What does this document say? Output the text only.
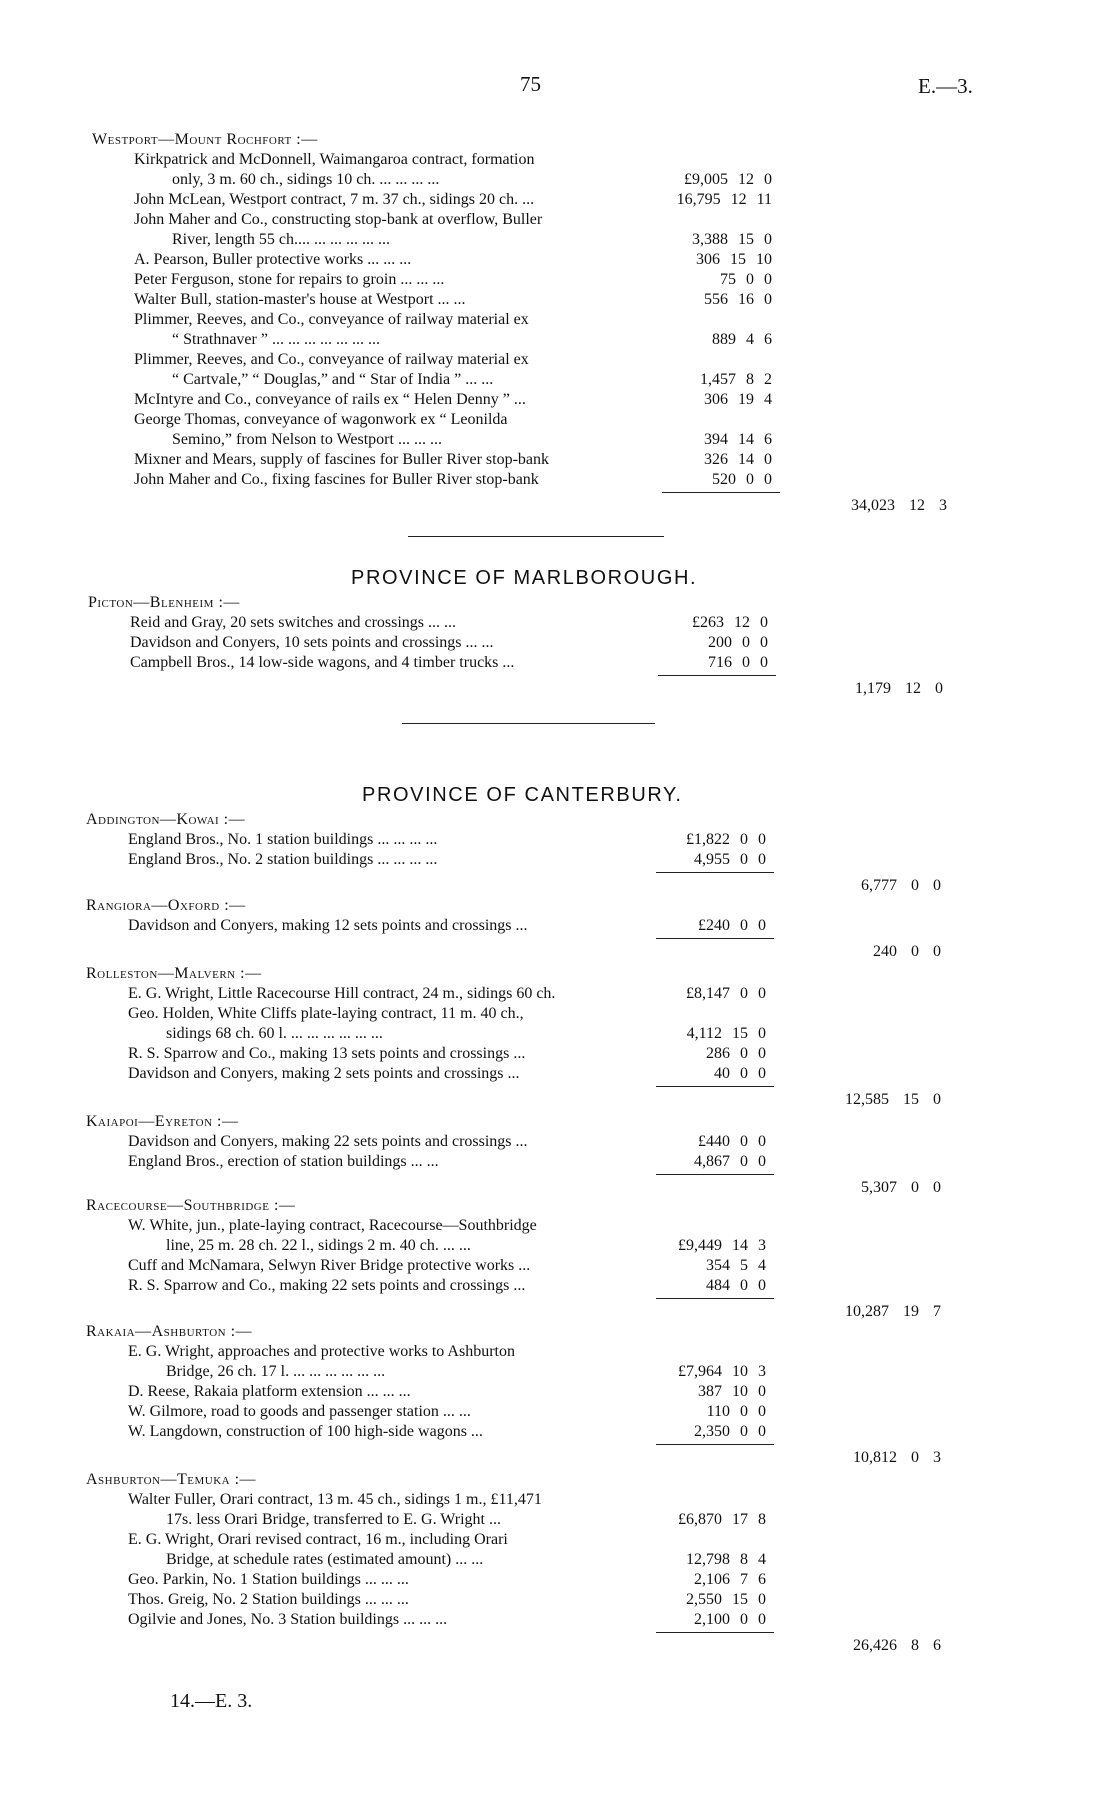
75	E.—3.
PROVINCE OF MARLBOROUGH.
PROVINCE OF CANTERBURY.
Westport—Mount Rochfort :—
Kirkpatrick and McDonnell, Waimangaroa contract, formation
only, 3 m. 60 ch., sidings 10 ch. ... ... ... ...	£9,005 12 0
John McLean, Westport contract, 7 m. 37 ch., sidings 20 ch. ...	16,795 12 11
John Maher and Co., constructing stop-bank at overflow, Buller
River, length 55 ch.... ... ... ... ... ...	3,388 15 0
A. Pearson, Buller protective works ... ... ...	306 15 10
Peter Ferguson, stone for repairs to groin ... ... ...	75 0 0
Walter Bull, station-master's house at Westport ... ...	556 16 0
Plimmer, Reeves, and Co., conveyance of railway material ex
“ Strathnaver ” ... ... ... ... ... ... ...	889 4 6
Plimmer, Reeves, and Co., conveyance of railway material ex
“ Cartvale,” “ Douglas,” and “ Star of India ” ... ...	1,457 8 2
McIntyre and Co., conveyance of rails ex “ Helen Denny ” ...	306 19 4
George Thomas, conveyance of wagonwork ex “ Leonilda
Semino,” from Nelson to Westport ... ... ...	394 14 6
Mixner and Mears, supply of fascines for Buller River stop-bank	326 14 0
John Maher and Co., fixing fascines for Buller River stop-bank	520 0 0
34,023 12 3
Picton—Blenheim :—
Reid and Gray, 20 sets switches and crossings ... ...	£263 12 0
Davidson and Conyers, 10 sets points and crossings ... ...	200 0 0
Campbell Bros., 14 low-side wagons, and 4 timber trucks ...	716 0 0
1,179 12 0
Addington—Kowai :—
England Bros., No. 1 station buildings ... ... ... ...	£1,822 0 0
England Bros., No. 2 station buildings ... ... ... ...	4,955 0 0
6,777 0 0
Rangiora—Oxford :—
Davidson and Conyers, making 12 sets points and crossings ...	£240 0 0
240 0 0
Rolleston—Malvern :—
E. G. Wright, Little Racecourse Hill contract, 24 m., sidings 60 ch.	£8,147 0 0
Geo. Holden, White Cliffs plate-laying contract, 11 m. 40 ch.,
sidings 68 ch. 60 l. ... ... ... ... ... ...	4,112 15 0
R. S. Sparrow and Co., making 13 sets points and crossings ...	286 0 0
Davidson and Conyers, making 2 sets points and crossings ...	40 0 0
12,585 15 0
Kaiapoi—Eyreton :—
Davidson and Conyers, making 22 sets points and crossings ...	£440 0 0
England Bros., erection of station buildings ... ...	4,867 0 0
5,307 0 0
Racecourse—Southbridge :—
W. White, jun., plate-laying contract, Racecourse—Southbridge
line, 25 m. 28 ch. 22 l., sidings 2 m. 40 ch. ... ...	£9,449 14 3
Cuff and McNamara, Selwyn River Bridge protective works ...	354 5 4
R. S. Sparrow and Co., making 22 sets points and crossings ...	484 0 0
10,287 19 7
Rakaia—Ashburton :—
E. G. Wright, approaches and protective works to Ashburton
Bridge, 26 ch. 17 l. ... ... ... ... ... ...	£7,964 10 3
D. Reese, Rakaia platform extension ... ... ...	387 10 0
W. Gilmore, road to goods and passenger station ... ...	110 0 0
W. Langdown, construction of 100 high-side wagons ...	2,350 0 0
10,812 0 3
Ashburton—Temuka :—
Walter Fuller, Orari contract, 13 m. 45 ch., sidings 1 m., £11,471
17s. less Orari Bridge, transferred to E. G. Wright ...	£6,870 17 8
E. G. Wright, Orari revised contract, 16 m., including Orari
Bridge, at schedule rates (estimated amount) ... ...	12,798 8 4
Geo. Parkin, No. 1 Station buildings ... ... ...	2,106 7 6
Thos. Greig, No. 2 Station buildings ... ... ...	2,550 15 0
Ogilvie and Jones, No. 3 Station buildings ... ... ...	2,100 0 0
26,426 8 6
14.—E. 3.
